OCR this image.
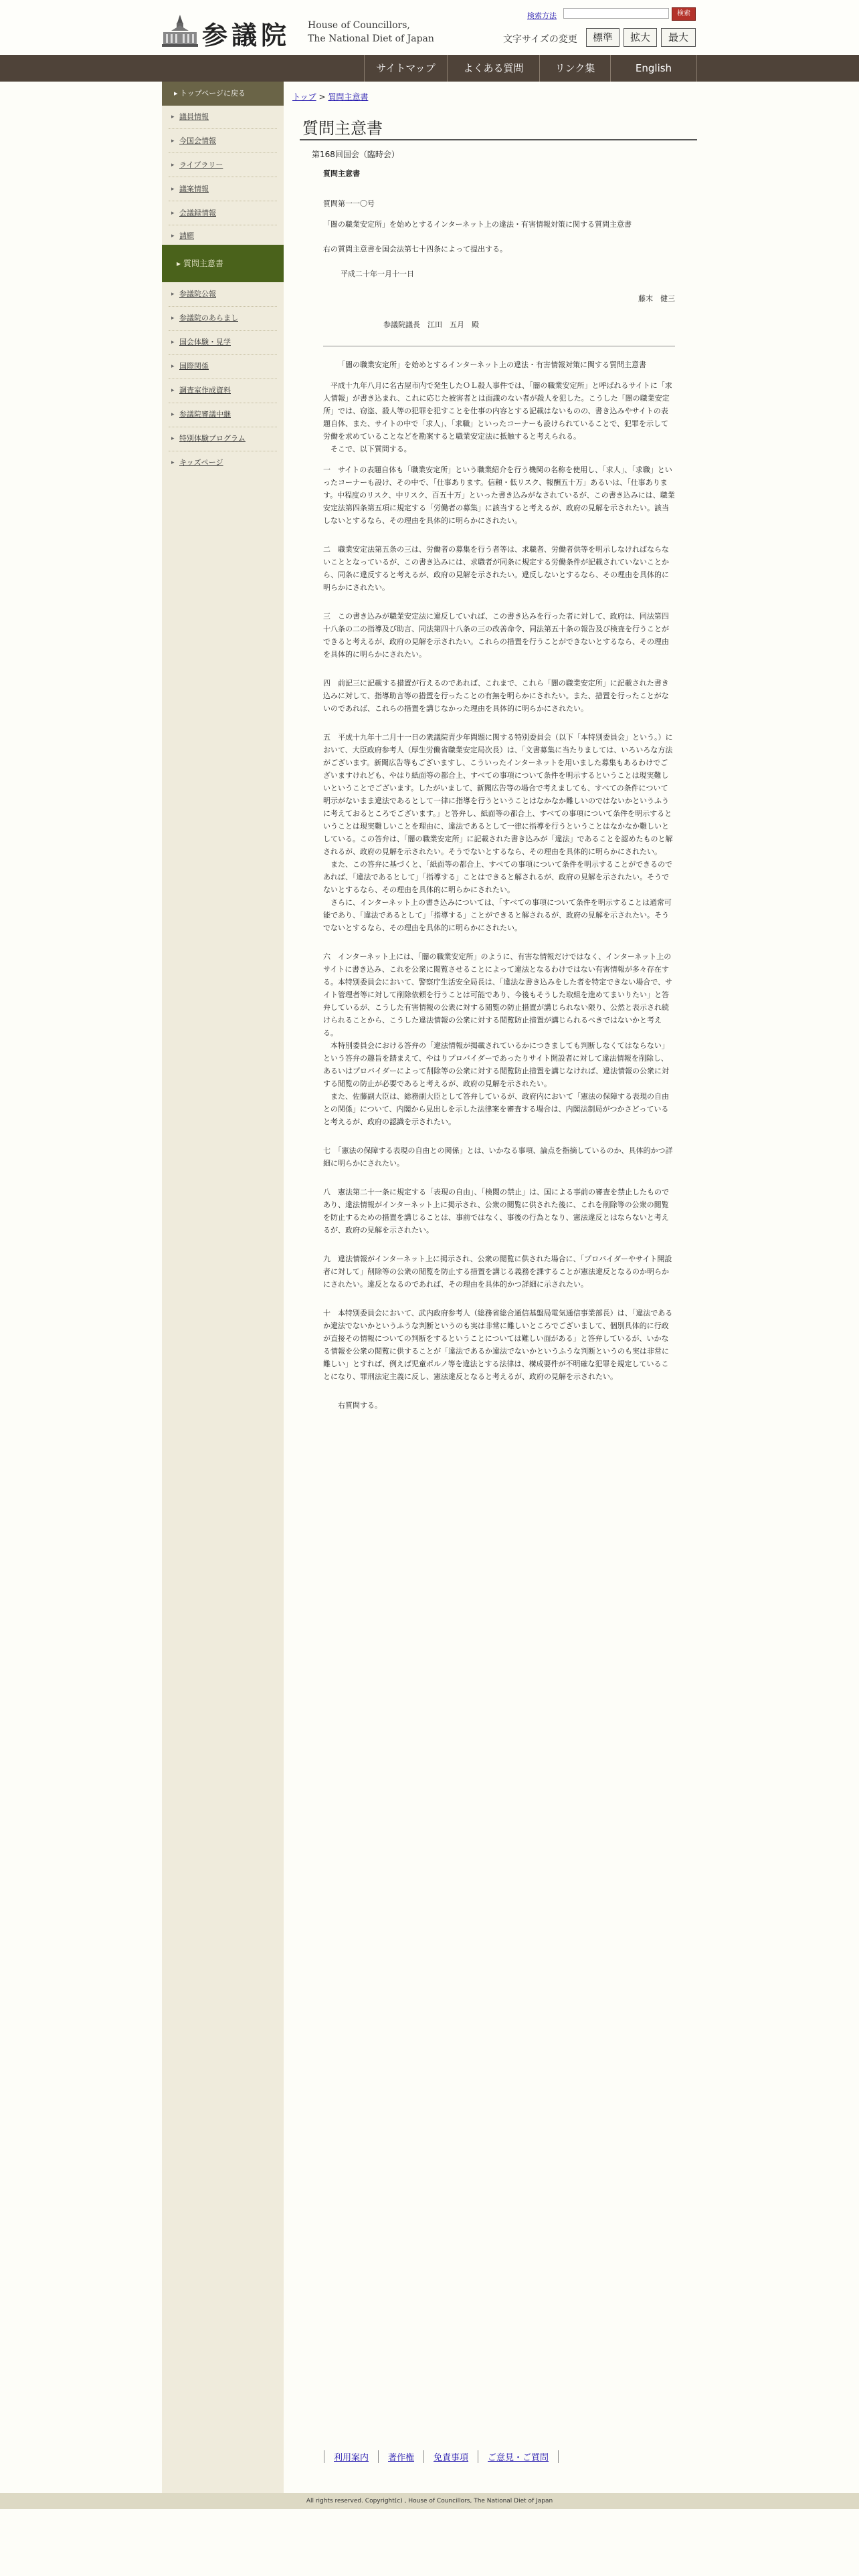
参議院 House of Councillors,
The National Diet of Japan
検索方法	検索
文字サイズの変更	標準	拡大	最大
サイトマップ	よくある質問	リンク集	English
▸ トップページに戻る
▸ 議員情報
▸ 今国会情報
▸ ライブラリー
▸ 議案情報
▸ 会議録情報
▸ 請願
▸ 質問主意書
▸ 参議院公報
▸ 参議院のあらまし
▸ 国会体験・見学
▸ 国際関係
▸ 調査室作成資料
▸ 参議院審議中継
▸ 特別体験プログラム
▸ キッズページ
トップ > 質問主意書
質問主意書
第168回国会（臨時会）

質問主意書

質問第一一〇号

「闇の職業安定所」を始めとするインターネット上の違法・有害情報対策に関する質問主意書

右の質問主意書を国会法第七十四条によって提出する。

平成二十年一月十一日

藤末　健三

参議院議長　江田　五月　殿

「闇の職業安定所」を始めとするインターネット上の違法・有害情報対策に関する質問主意書

平成十九年八月に名古屋市内で発生したＯＬ殺人事件では、「闇の職業安定所」と呼ばれるサイトに「求人情報」が書き込まれ、これに応じた被害者とは面識のない者が殺人を犯した。こうした「闇の職業安定所」では、窃盗、殺人等の犯罪を犯すことを仕事の内容とする記載はないものの、書き込みやサイトの表題自体、また、サイトの中で「求人」、「求職」といったコーナーも設けられていることで、犯罪を示して労働を求めていることなどを勘案すると職業安定法に抵触すると考えられる。

そこで、以下質問する。

一　サイトの表題自体も「職業安定所」という職業紹介を行う機関の名称を使用し、「求人」、「求職」といったコーナーも設け、その中で、「仕事あります。信頼・低リスク、報酬五十万」あるいは、「仕事あります。中程度のリスク、中リスク、百五十万」といった書き込みがなされているが、この書き込みには、職業安定法第四条第五項に規定する「労働者の募集」に該当すると考えるが、政府の見解を示されたい。該当しないとするなら、その理由を具体的に明らかにされたい。

二　職業安定法第五条の三は、労働者の募集を行う者等は、求職者、労働者供等を明示しなければならないこととなっているが、この書き込みには、求職者が同条に規定する労働条件が記載されていないことから、同条に違反すると考えるが、政府の見解を示されたい。違反しないとするなら、その理由を具体的に明らかにされたい。

三　この書き込みが職業安定法に違反していれば、この書き込みを行った者に対して、政府は、同法第四十八条の二の指導及び助言、同法第四十八条の三の改善命令、同法第五十条の報告及び検査を行うことができると考えるが、政府の見解を示されたい。これらの措置を行うことができないとするなら、その理由を具体的に明らかにされたい。

四　前記三に記載する措置が行えるのであれば、これまで、これら「闇の職業安定所」に記載された書き込みに対して、指導助言等の措置を行ったことの有無を明らかにされたい。また、措置を行ったことがないのであれば、これらの措置を講じなかった理由を具体的に明らかにされたい。

五　平成十九年十二月十一日の衆議院青少年問題に関する特別委員会（以下「本特別委員会」という。）において、大臣政府参考人（厚生労働省職業安定局次長）は、「文書募集に当たりましては、いろいろな方法がございます。新聞広告等もございますし、こういったインターネットを用いました募集もあるわけでございますけれども、やはり紙面等の都合上、すべての事項について条件を明示するということは現実難しいということでございます。したがいまして、新聞広告等の場合で考えましても、すべての条件について明示がないまま違法であるとして一律に指導を行うということはなかなか難しいのではないかというふうに考えておるところでございます。」と答弁し、紙面等の都合上、すべての事項について条件を明示するということは現実難しいことを理由に、違法であるとして一律に指導を行うということはなかなか難しいとしている。この答弁は、「闇の職業安定所」に記載された書き込みが「違法」であることを認めたものと解されるが、政府の見解を示されたい。そうでないとするなら、その理由を具体的に明らかにされたい。

また、この答弁に基づくと、「紙面等の都合上、すべての事項について条件を明示することができるのであれば、「違法であるとして」「指導する」ことはできると解されるが、政府の見解を示されたい。そうでないとするなら、その理由を具体的に明らかにされたい。

さらに、インターネット上の書き込みについては、「すべての事項について条件を明示することは通常可能であり、「違法であるとして」「指導する」ことができると解されるが、政府の見解を示されたい。そうでないとするなら、その理由を具体的に明らかにされたい。

六　インターネット上には、「闇の職業安定所」のように、有害な情報だけではなく、インターネット上のサイトに書き込み、これを公衆に閲覧させることによって違法となるわけではない有害情報が多々存在する。本特別委員会において、警察庁生活安全局長は、「違法な書き込みをした者を特定できない場合で、サイト管理者等に対して削除依頼を行うことは可能であり、今後もそうした取組を進めてまいりたい」と答弁しているが、こうした有害情報の公衆に対する閲覧の防止措置が講じられない限り、公然と表示され続けられることから、こうした違法情報の公衆に対する閲覧防止措置が講じられるべきではないかと考える。

本特別委員会における答弁の「違法情報が掲載されているかにつきましても判断しなくてはならない」という答弁の趣旨を踏まえて、やはりプロバイダーであったりサイト開設者に対して違法情報を削除し、あるいはプロバイダーによって削除等の公衆に対する閲覧防止措置を講じなければ、違法情報の公衆に対する閲覧の防止が必要であると考えるが、政府の見解を示されたい。

また、佐藤副大臣は、総務副大臣として答弁しているが、政府内において「憲法の保障する表現の自由との関係」について、内閣から見出しを示した法律案を審査する場合は、内閣法制局がつかさどっていると考えるが、政府の認識を示されたい。

七　「憲法の保障する表現の自由との関係」とは、いかなる事項、論点を指摘しているのか、具体的かつ詳細に明らかにされたい。

八　憲法第二十一条に規定する「表現の自由」、「検閲の禁止」は、国による事前の審査を禁止したものであり、違法情報がインターネット上に掲示され、公衆の閲覧に供された後に、これを削除等の公衆の閲覧を防止するための措置を講じることは、事前ではなく、事後の行為となり、憲法違反とはならないと考えるが、政府の見解を示されたい。

九　違法情報がインターネット上に掲示され、公衆の閲覧に供された場合に、「プロバイダーやサイト開設者に対して」削除等の公衆の閲覧を防止する措置を講じる義務を課することが憲法違反となるのか明らかにされたい。違反となるのであれば、その理由を具体的かつ詳細に示されたい。

十　本特別委員会において、武内政府参考人（総務省総合通信基盤局電気通信事業部長）は、「違法であるか違法でないかというふうな判断というのも実は非常に難しいところでございまして、個別具体的に行政が直接その情報についての判断をするということについては難しい面がある」と答弁しているが、いかなる情報を公衆の閲覧に供することが「違法であるか違法でないかというふうな判断というのも実は非常に難しい」とすれば、例えば児童ポルノ等を違法とする法律は、構成要件が不明確な犯罪を規定していることになり、罪刑法定主義に反し、憲法違反となると考えるが、政府の見解を示されたい。

右質問する。

利用案内 著作権 免責事項 ご意見・ご質問
All rights reserved. Copyright(c) , House of Councillors, The National Diet of Japan
